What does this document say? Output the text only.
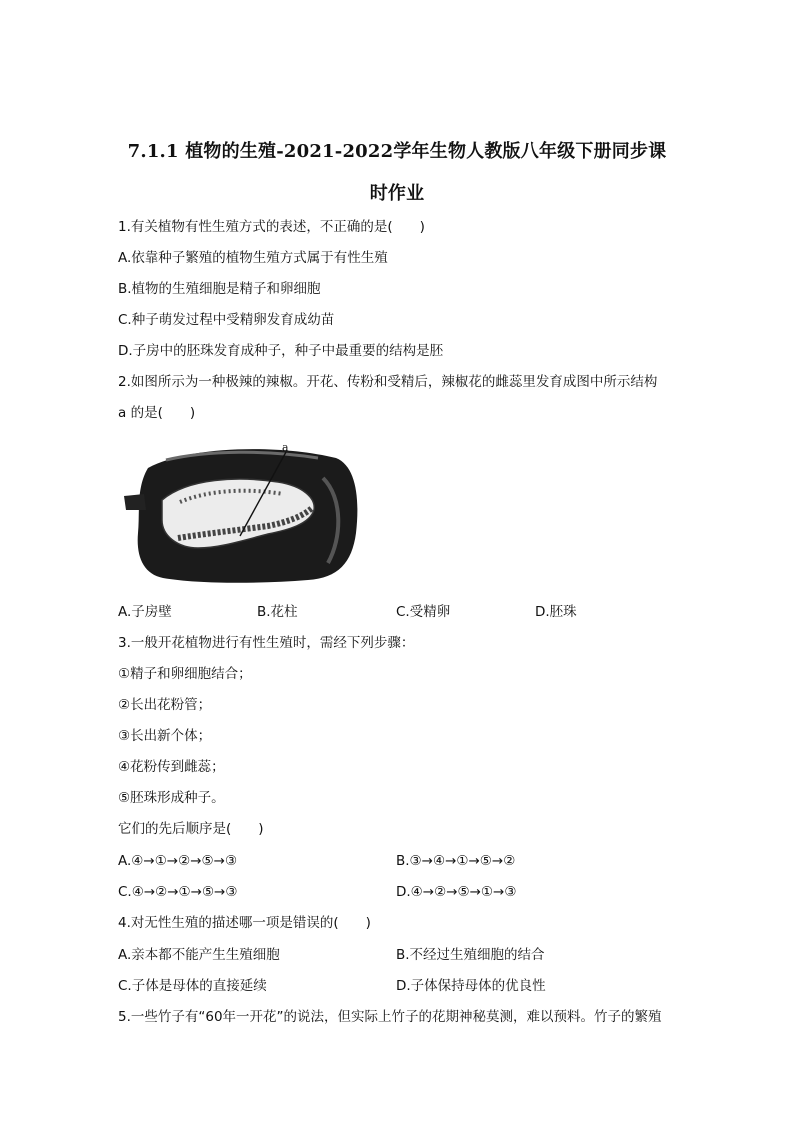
7.1.1 植物的生殖-2021-2022学年生物人教版八年级下册同步课
时作业
1.有关植物有性生殖方式的表述，不正确的是(　　)
A.依靠种子繁殖的植物生殖方式属于有性生殖
B.植物的生殖细胞是精子和卵细胞
C.种子萌发过程中受精卵发育成幼苗
D.子房中的胚珠发育成种子，种子中最重要的结构是胚
2.如图所示为一种极辣的辣椒。开花、传粉和受精后，辣椒花的雌蕊里发育成图中所示结构
a 的是(　　)
a
A.子房壁	B.花柱	C.受精卵	D.胚珠
3.一般开花植物进行有性生殖时，需经下列步骤：
①精子和卵细胞结合；
②长出花粉管；
③长出新个体；
④花粉传到雌蕊；
⑤胚珠形成种子。
它们的先后顺序是(　　)
A.④→①→②→⑤→③	B.③→④→①→⑤→②
C.④→②→①→⑤→③	D.④→②→⑤→①→③
4.对无性生殖的描述哪一项是错误的(　　)
A.亲本都不能产生生殖细胞	B.不经过生殖细胞的结合
C.子体是母体的直接延续	D.子体保持母体的优良性
5.一些竹子有“60年一开花”的说法，但实际上竹子的花期神秘莫测，难以预料。竹子的繁殖
